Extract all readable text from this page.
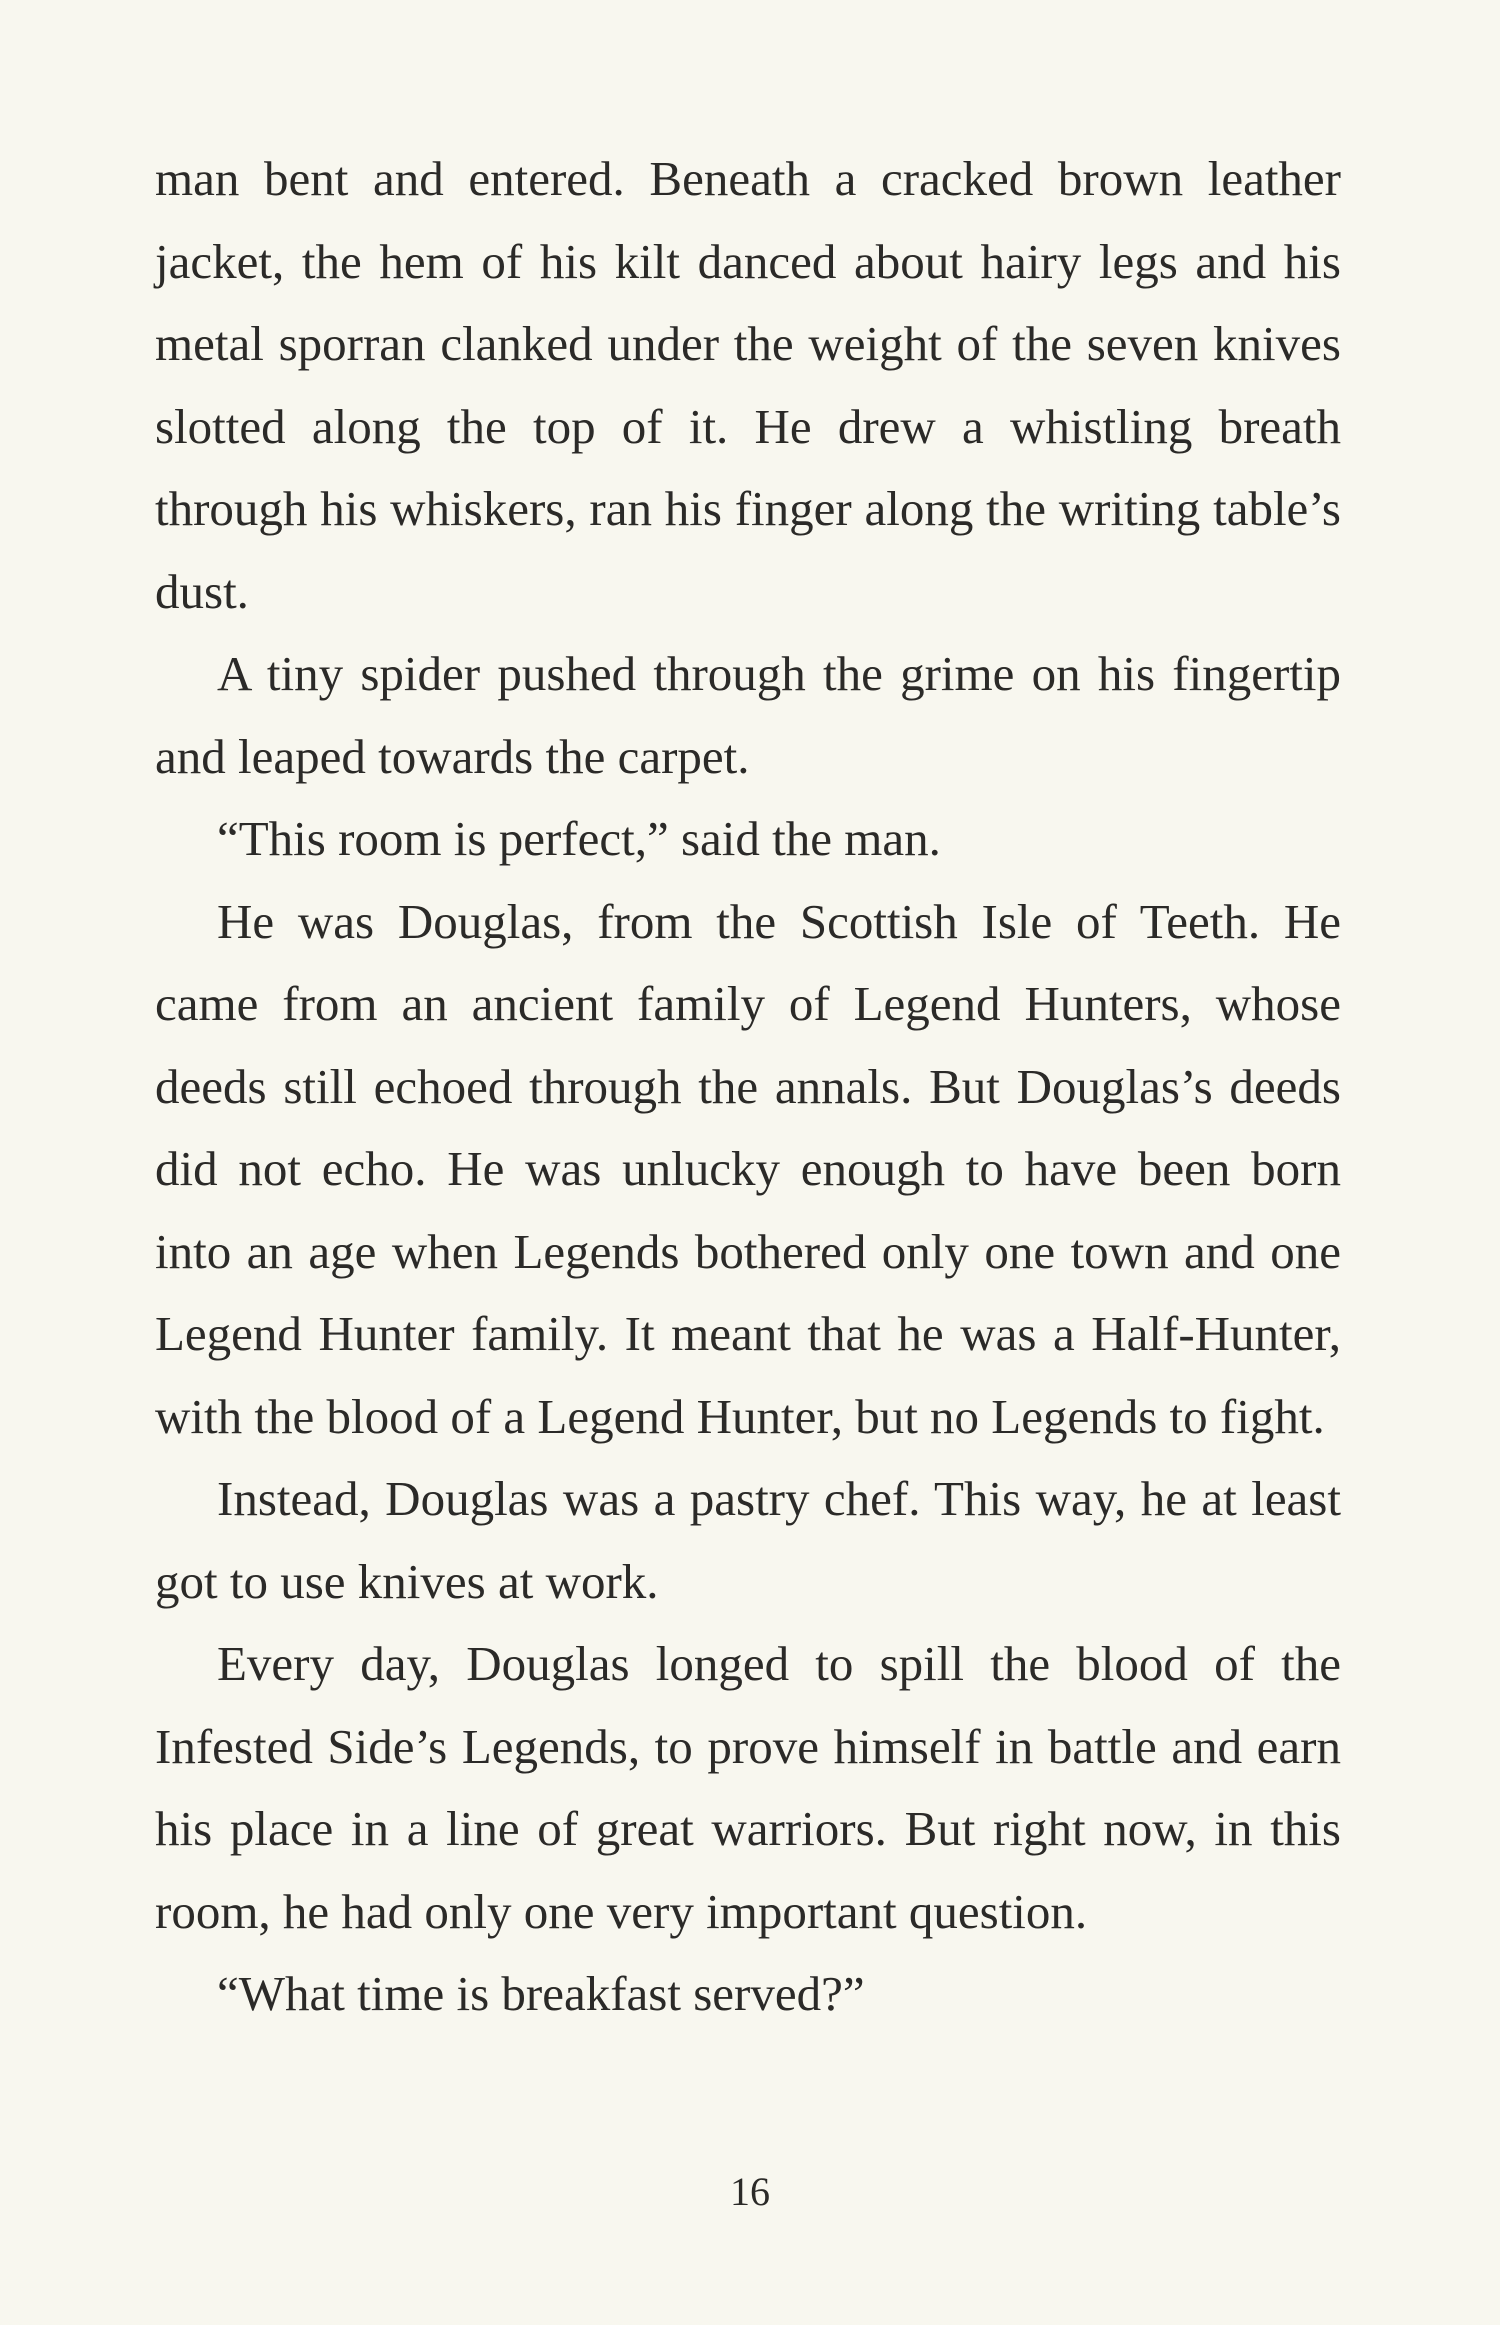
man bent and entered. Beneath a cracked brown leather jacket, the hem of his kilt danced about hairy legs and his metal sporran clanked under the weight of the seven knives slotted along the top of it. He drew a whistling breath through his whiskers, ran his finger along the writing table’s dust.

A tiny spider pushed through the grime on his fingertip and leaped towards the carpet.

“This room is perfect,” said the man.

He was Douglas, from the Scottish Isle of Teeth. He came from an ancient family of Legend Hunters, whose deeds still echoed through the annals. But Douglas’s deeds did not echo. He was unlucky enough to have been born into an age when Legends bothered only one town and one Legend Hunter family. It meant that he was a Half-Hunter, with the blood of a Legend Hunter, but no Legends to fight.

Instead, Douglas was a pastry chef. This way, he at least got to use knives at work.

Every day, Douglas longed to spill the blood of the Infested Side’s Legends, to prove himself in battle and earn his place in a line of great warriors. But right now, in this room, he had only one very important question.

“What time is breakfast served?”

16
